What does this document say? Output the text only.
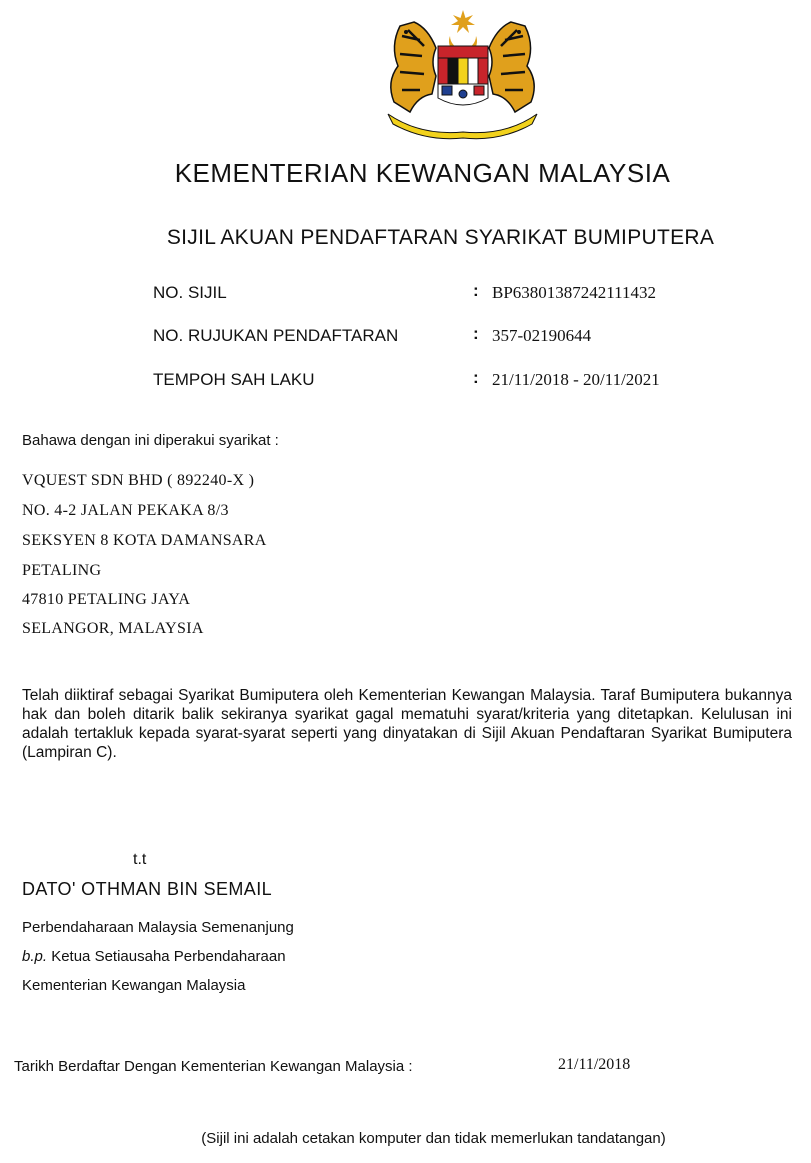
KEMENTERIAN KEWANGAN MALAYSIA
SIJIL AKUAN PENDAFTARAN SYARIKAT BUMIPUTERA
NO. SIJIL	: BP63801387242111432
NO. RUJUKAN PENDAFTARAN	: 357-02190644
TEMPOH SAH LAKU	: 21/11/2018 - 20/11/2021
Bahawa dengan ini diperakui syarikat :
VQUEST SDN BHD ( 892240-X )
NO. 4-2 JALAN PEKAKA 8/3
SEKSYEN 8 KOTA DAMANSARA
PETALING
47810 PETALING JAYA
SELANGOR, MALAYSIA
Telah diiktiraf sebagai Syarikat Bumiputera oleh Kementerian Kewangan Malaysia. Taraf Bumiputera bukannya hak dan boleh ditarik balik sekiranya syarikat gagal mematuhi syarat/kriteria yang ditetapkan. Kelulusan ini adalah tertakluk kepada syarat-syarat seperti yang dinyatakan di Sijil Akuan Pendaftaran Syarikat Bumiputera (Lampiran C).
t.t
DATO' OTHMAN BIN SEMAIL
Perbendaharaan Malaysia Semenanjung
b.p. Ketua Setiausaha Perbendaharaan
Kementerian Kewangan Malaysia
Tarikh Berdaftar Dengan Kementerian Kewangan Malaysia :	21/11/2018
(Sijil ini adalah cetakan komputer dan tidak memerlukan tandatangan)
